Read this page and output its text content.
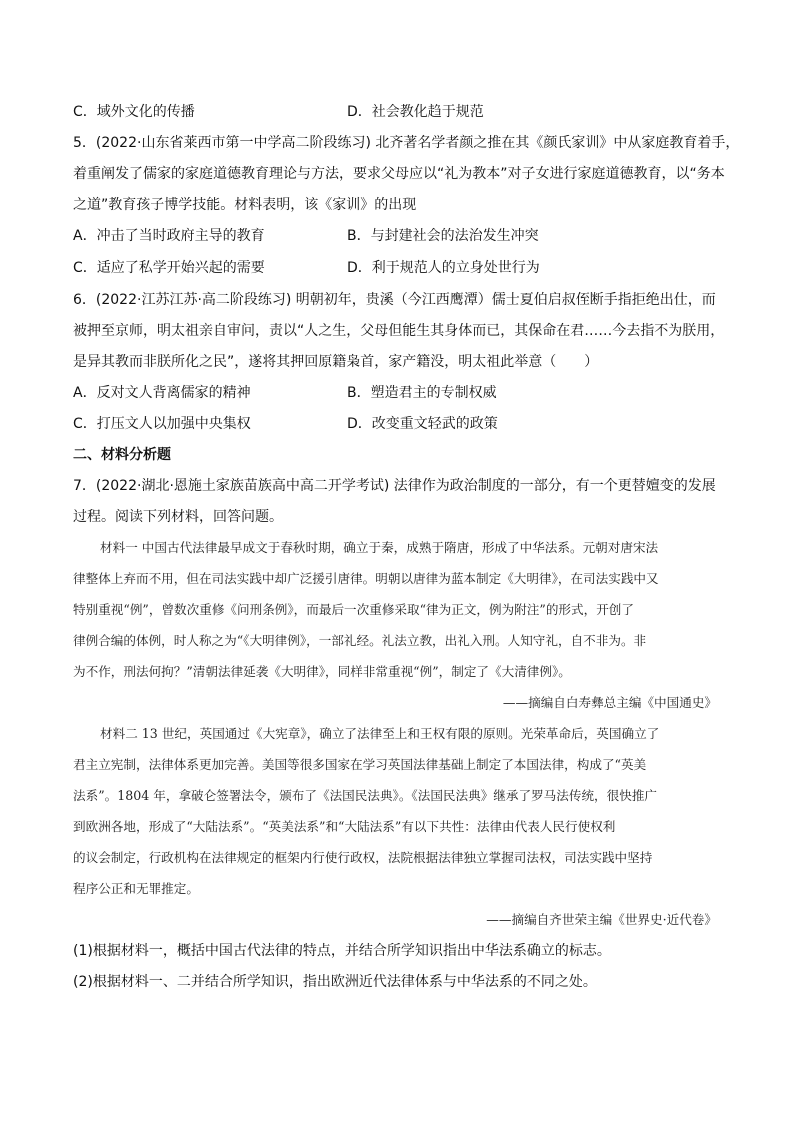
C．域外文化的传播	D．社会教化趋于规范
5．(2022·山东省莱西市第一中学高二阶段练习) 北齐著名学者颜之推在其《颜氏家训》中从家庭教育着手，
着重阐发了儒家的家庭道德教育理论与方法，要求父母应以“礼为教本”对子女进行家庭道德教育，以“务本
之道”教育孩子博学技能。材料表明，该《家训》的出现
A．冲击了当时政府主导的教育	B．与封建社会的法治发生冲突
C．适应了私学开始兴起的需要	D．利于规范人的立身处世行为
6．(2022·江苏江苏·高二阶段练习) 明朝初年，贵溪（今江西鹰潭）儒士夏伯启叔侄断手指拒绝出仕，而
被押至京师，明太祖亲自审问，责以“人之生，父母但能生其身体而已，其保命在君……今去指不为朕用，
是异其教而非朕所化之民”，遂将其押回原籍枭首，家产籍没，明太祖此举意（　　）
A．反对文人背离儒家的精神	B．塑造君主的专制权威
C．打压文人以加强中央集权	D．改变重文轻武的政策
二、材料分析题
7．(2022·湖北·恩施土家族苗族高中高二开学考试) 法律作为政治制度的一部分，有一个更替嬗变的发展
过程。阅读下列材料，回答问题。
材料一 中国古代法律最早成文于春秋时期，确立于秦，成熟于隋唐，形成了中华法系。元朝对唐宋法
律整体上弃而不用，但在司法实践中却广泛援引唐律。明朝以唐律为蓝本制定《大明律》，在司法实践中又
特别重视“例”，曾数次重修《问刑条例》，而最后一次重修采取“律为正文，例为附注”的形式，开创了
律例合编的体例，时人称之为“《大明律例》，一部礼经。礼法立教，出礼入刑。人知守礼，自不非为。非
为不作，刑法何拘？”清朝法律延袭《大明律》，同样非常重视“例”，制定了《大清律例》。
——摘编自白寿彝总主编《中国通史》
材料二 13 世纪，英国通过《大宪章》，确立了法律至上和王权有限的原则。光荣革命后，英国确立了
君主立宪制，法律体系更加完善。美国等很多国家在学习英国法律基础上制定了本国法律，构成了“英美
法系”。1804 年，拿破仑签署法令，颁布了《法国民法典》。《法国民法典》继承了罗马法传统，很快推广
到欧洲各地，形成了“大陆法系”。“英美法系”和“大陆法系”有以下共性：法律由代表人民行使权利
的议会制定，行政机构在法律规定的框架内行使行政权，法院根据法律独立掌握司法权，司法实践中坚持
程序公正和无罪推定。
——摘编自齐世荣主编《世界史·近代卷》
(1)根据材料一，概括中国古代法律的特点，并结合所学知识指出中华法系确立的标志。
(2)根据材料一、二并结合所学知识，指出欧洲近代法律体系与中华法系的不同之处。
